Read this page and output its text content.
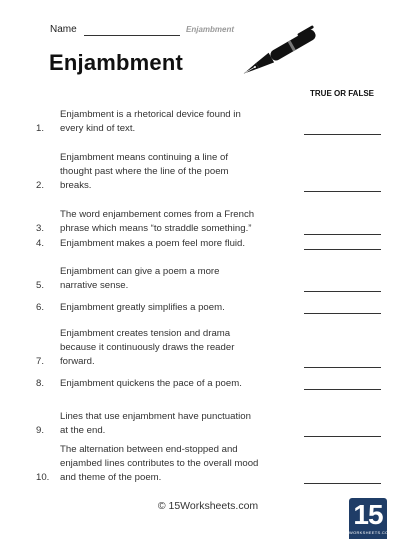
Name	Enjambment
Enjambment
TRUE OR FALSE
1.
Enjambment is a rhetorical device found in
every kind of text.
2.
Enjambment means continuing a line of
thought past where the line of the poem
breaks.
3.
The word enjambement comes from a French
phrase which means “to straddle something.”
4. Enjambment makes a poem feel more fluid.
5.
Enjambment can give a poem a more
narrative sense.
6. Enjambment greatly simplifies a poem.
7.
Enjambment creates tension and drama
because it continuously draws the reader
forward.
8. Enjambment quickens the pace of a poem.
9.
Lines that use enjambment have punctuation
at the end.
10.
The alternation between end-stopped and
enjambed lines contributes to the overall mood
and theme of the poem.
© 15Worksheets.com	15
WORKSHEETS.COM
